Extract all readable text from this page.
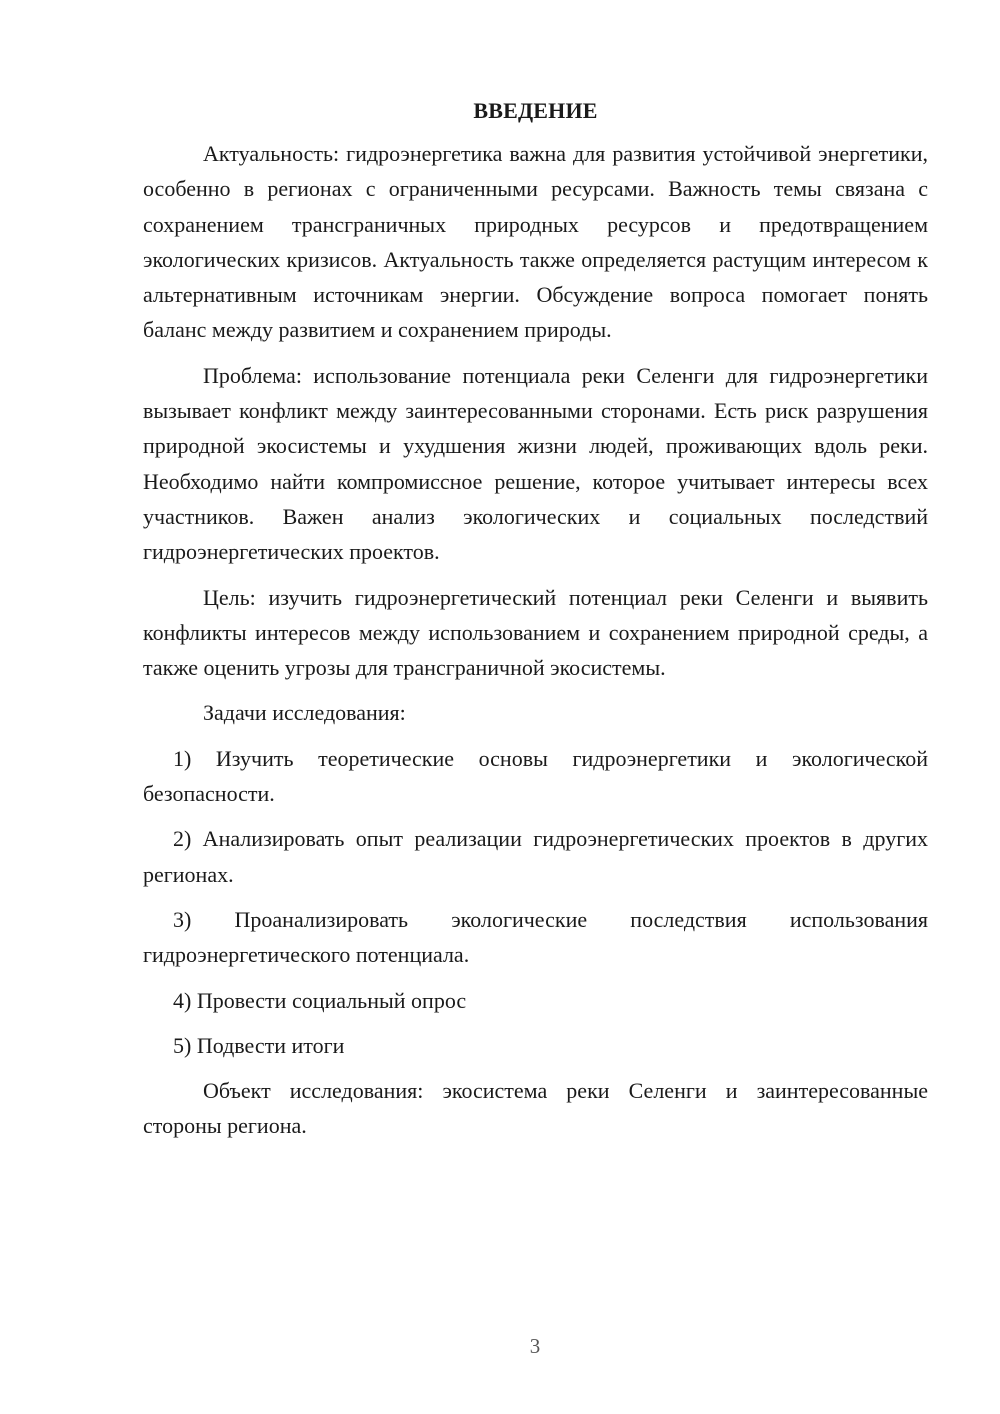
ВВЕДЕНИЕ

Актуальность: гидроэнергетика важна для развития устойчивой энергетики, особенно в регионах с ограниченными ресурсами. Важность темы связана с сохранением трансграничных природных ресурсов и предотвращением экологических кризисов. Актуальность также определяется растущим интересом к альтернативным источникам энергии. Обсуждение вопроса помогает понять баланс между развитием и сохранением природы.

Проблема: использование потенциала реки Селенги для гидроэнергетики вызывает конфликт между заинтересованными сторонами. Есть риск разрушения природной экосистемы и ухудшения жизни людей, проживающих вдоль реки. Необходимо найти компромиссное решение, которое учитывает интересы всех участников. Важен анализ экологических и социальных последствий гидроэнергетических проектов.

Цель: изучить гидроэнергетический потенциал реки Селенги и выявить конфликты интересов между использованием и сохранением природной среды, а также оценить угрозы для трансграничной экосистемы.

Задачи исследования:

1) Изучить теоретические основы гидроэнергетики и экологической безопасности.

2) Анализировать опыт реализации гидроэнергетических проектов в других регионах.

3) Проанализировать экологические последствия использования гидроэнергетического потенциала.

4) Провести социальный опрос

5) Подвести итоги

Объект исследования: экосистема реки Селенги и заинтересованные стороны региона.

3
